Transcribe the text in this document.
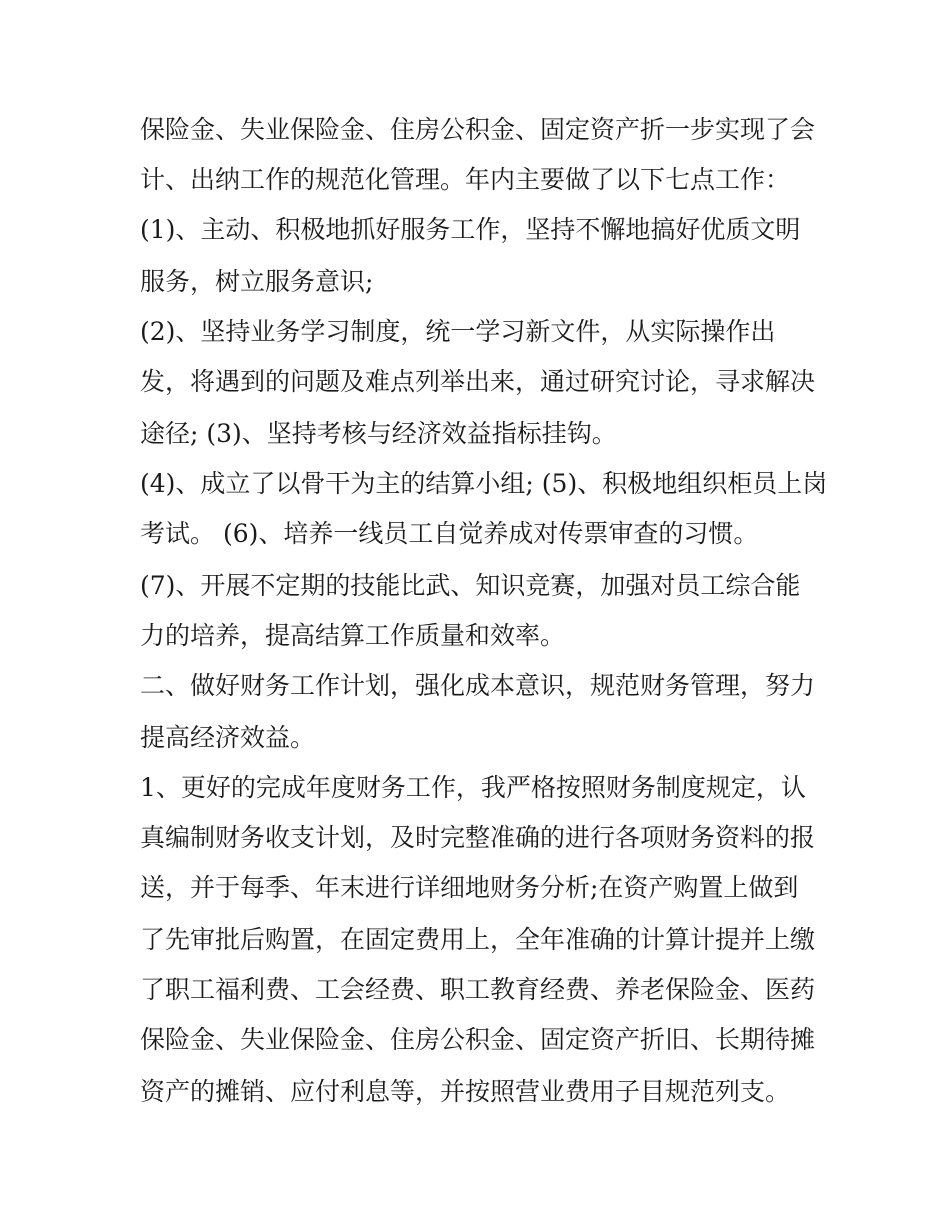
保险金、失业保险金、住房公积金、固定资产折一步实现了会
计、出纳工作的规范化管理。年内主要做了以下七点工作：
(1)、主动、积极地抓好服务工作，坚持不懈地搞好优质文明
服务，树立服务意识;
(2)、坚持业务学习制度，统一学习新文件，从实际操作出
发，将遇到的问题及难点列举出来，通过研究讨论，寻求解决
途径; (3)、坚持考核与经济效益指标挂钩。
(4)、成立了以骨干为主的结算小组; (5)、积极地组织柜员上岗
考试。 (6)、培养一线员工自觉养成对传票审查的习惯。
(7)、开展不定期的技能比武、知识竞赛，加强对员工综合能
力的培养，提高结算工作质量和效率。
二、做好财务工作计划，强化成本意识，规范财务管理，努力
提高经济效益。
1、更好的完成年度财务工作，我严格按照财务制度规定，认
真编制财务收支计划，及时完整准确的进行各项财务资料的报
送，并于每季、年末进行详细地财务分析;在资产购置上做到
了先审批后购置，在固定费用上，全年准确的计算计提并上缴
了职工福利费、工会经费、职工教育经费、养老保险金、医药
保险金、失业保险金、住房公积金、固定资产折旧、长期待摊
资产的摊销、应付利息等，并按照营业费用子目规范列支。
